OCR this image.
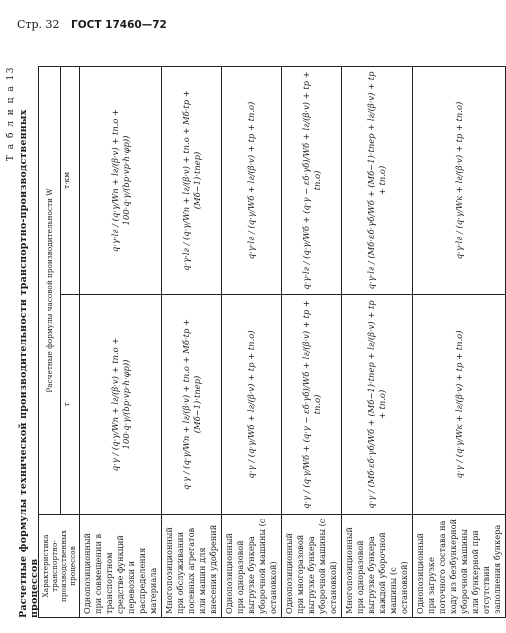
Стр. 32 ГОСТ 17460—72
Т а б л и ц а 13 Расчетные формулы технической производительности транспортно-производственных процессов Характеристика транспортно-производственных процессов	Расчетные формулы часовой производительности W	
	т	т·км
Однопозиционный при совмещении в транспортном средстве функций перевозки и распределения материала	q·γ / (q·γ/Wп + lг/(β·v) + tп.о + 100·q·γ/(bр·vр·h·φр))	q·γ·lг / (q·γ/Wп + lг/(β·v) + tп.о + 100·q·γ/(bр·vр·h·φр))
Многопозиционный при обслуживании посевных агрегатов или машин для внесения удобрений	q·γ / (q·γ/Wп + lг/(β·v) + tп.о + Mб·tр + (Mб−1)·tпер)	q·γ·lг / (q·γ/Wп + lг/(β·v) + tп.о + Mб·tр + (Mб−1)·tпер)
Однопозиционный при одноразовой выгрузке бункера уборочной машины (с остановкой)	q·γ / (q·γ/Wб + lг/(β·v) + tр + tп.о)	q·γ·lг / (q·γ/Wб + lг/(β·v) + tр + tп.о)
Однопозиционный при многоразовой выгрузке бункера уборочной машины (с остановкой)	q·γ / (q·γ/Wб + (q·γ − εб·γб)/Wб + lг/(β·v) + tр + tп.о)	q·γ·lг / (q·γ/Wб + (q·γ − εб·γб)/Wб + lг/(β·v) + tр + tп.о)
Многопозиционный при одноразовой выгрузке бункера каждой уборочной машины (с остановкой)	q·γ / (Mб·εб·γб/Wб + (Mб−1)·tпер + lг/(β·v) + tр + tп.о)	q·γ·lг / (Mб·εб·γб/Wб + (Mб−1)·tпер + lг/(β·v) + tр + tп.о)
Однопозиционный при загрузке поточного состава на ходу из безбункерной уборочной машины или бункерной при отсутствии заполнения бункера	q·γ / (q·γ/Wк + lг/(β·v) + tр + tп.о)	q·γ·lг / (q·γ/Wк + lг/(β·v) + tр + tп.о)
